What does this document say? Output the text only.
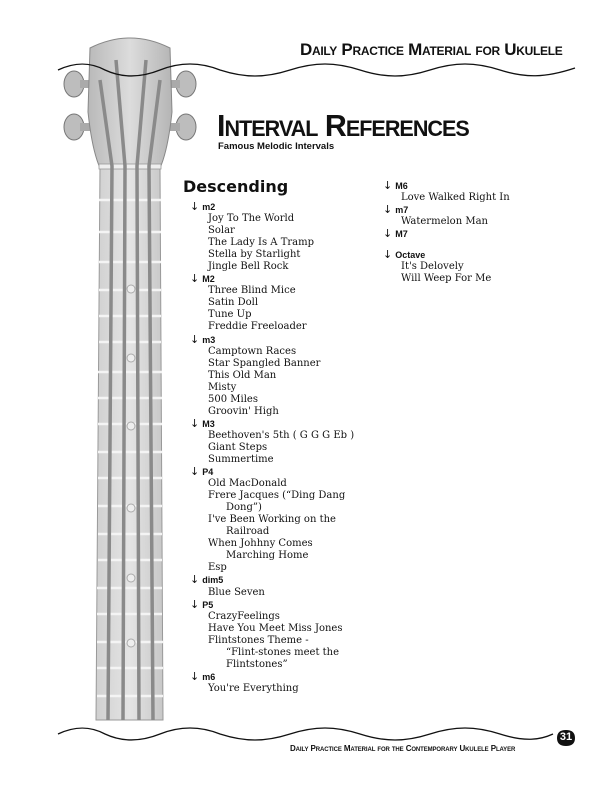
Daily Practice Material for Ukulele
Interval References
Famous Melodic Intervals
Descending
↓ m2
Joy To The World
Solar
The Lady Is A Tramp
Stella by Starlight
Jingle Bell Rock
↓ M2
Three Blind Mice
Satin Doll
Tune Up
Freddie Freeloader
↓ m3
Camptown Races
Star Spangled Banner
This Old Man
Misty
500 Miles
Groovin' High
↓ M3
Beethoven's 5th ( G G G Eb )
Giant Steps
Summertime
↓ P4
Old MacDonald
Frere Jacques (“Ding Dang
Dong”)
I've Been Working on the
Railroad
When Johhny Comes
Marching Home
Esp
↓ dim5
Blue Seven
↓ P5
CrazyFeelings
Have You Meet Miss Jones
Flintstones Theme -
“Flint-stones meet the
Flintstones”
↓ m6
You're Everything
↓ M6
Love Walked Right In
↓ m7
Watermelon Man
↓ M7
↓ Octave
It's Delovely
Will Weep For Me
31
Daily Practice Material for the Contemporary Ukulele Player
